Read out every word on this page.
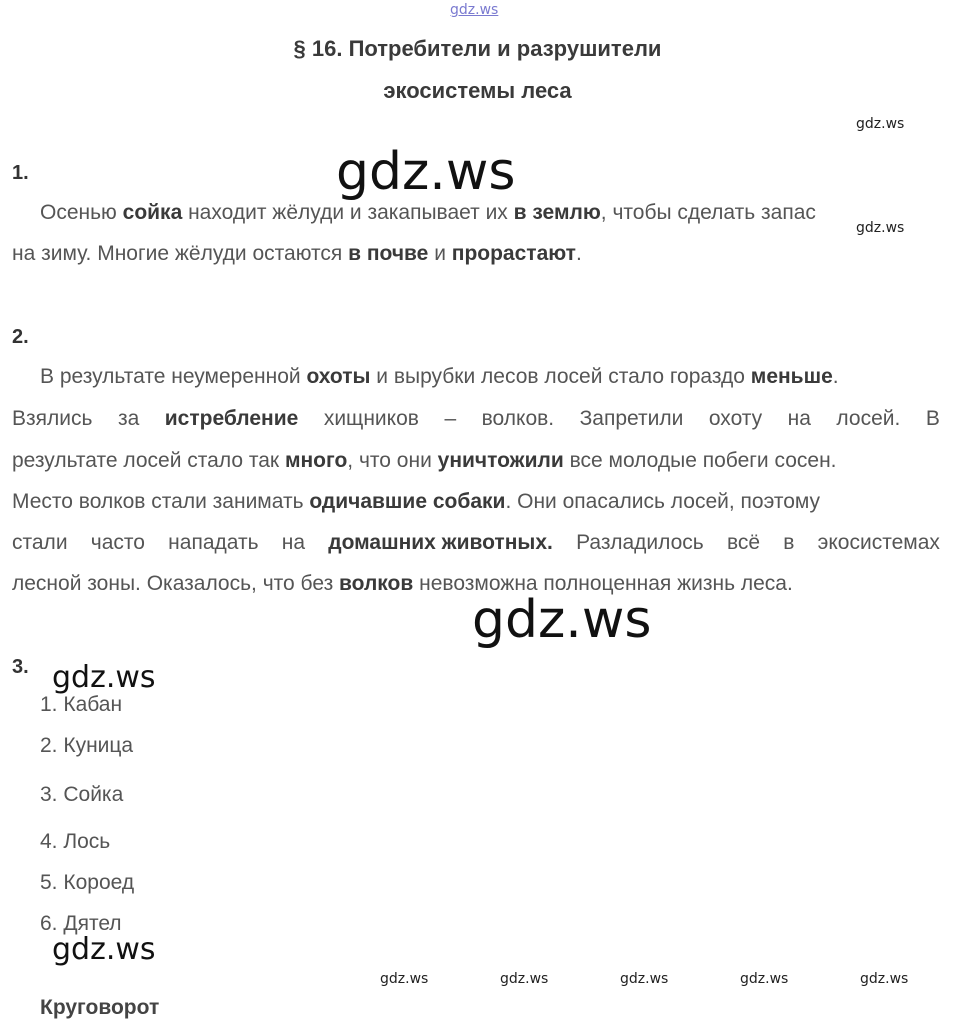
gdz.ws
§ 16. Потребители и разрушители
экосистемы леса
gdz.ws
1.	gdz.ws
Осенью сойка находит жёлуди и закапывает их в землю, чтобы сделать запас
gdz.ws
на зиму. Многие жёлуди остаются в почве и прорастают.
2.
В результате неумеренной охоты и вырубки лесов лосей стало гораздо меньше.
Взялись за истребление хищников – волков. Запретили охоту на лосей. В
результате лосей стало так много, что они уничтожили все молодые побеги сосен.
Место волков стали занимать одичавшие собаки. Они опасались лосей, поэтому
стали часто нападать на домашних животных. Разладилось всё в экосистемах
лесной зоны. Оказалось, что без волков невозможна полноценная жизнь леса.
gdz.ws
3. gdz.ws
1. Кабан
2. Куница
3. Сойка
4. Лось
5. Короед
6. Дятел
gdz.ws
gdz.ws	gdz.ws	gdz.ws	gdz.ws	gdz.ws
Круговорот
